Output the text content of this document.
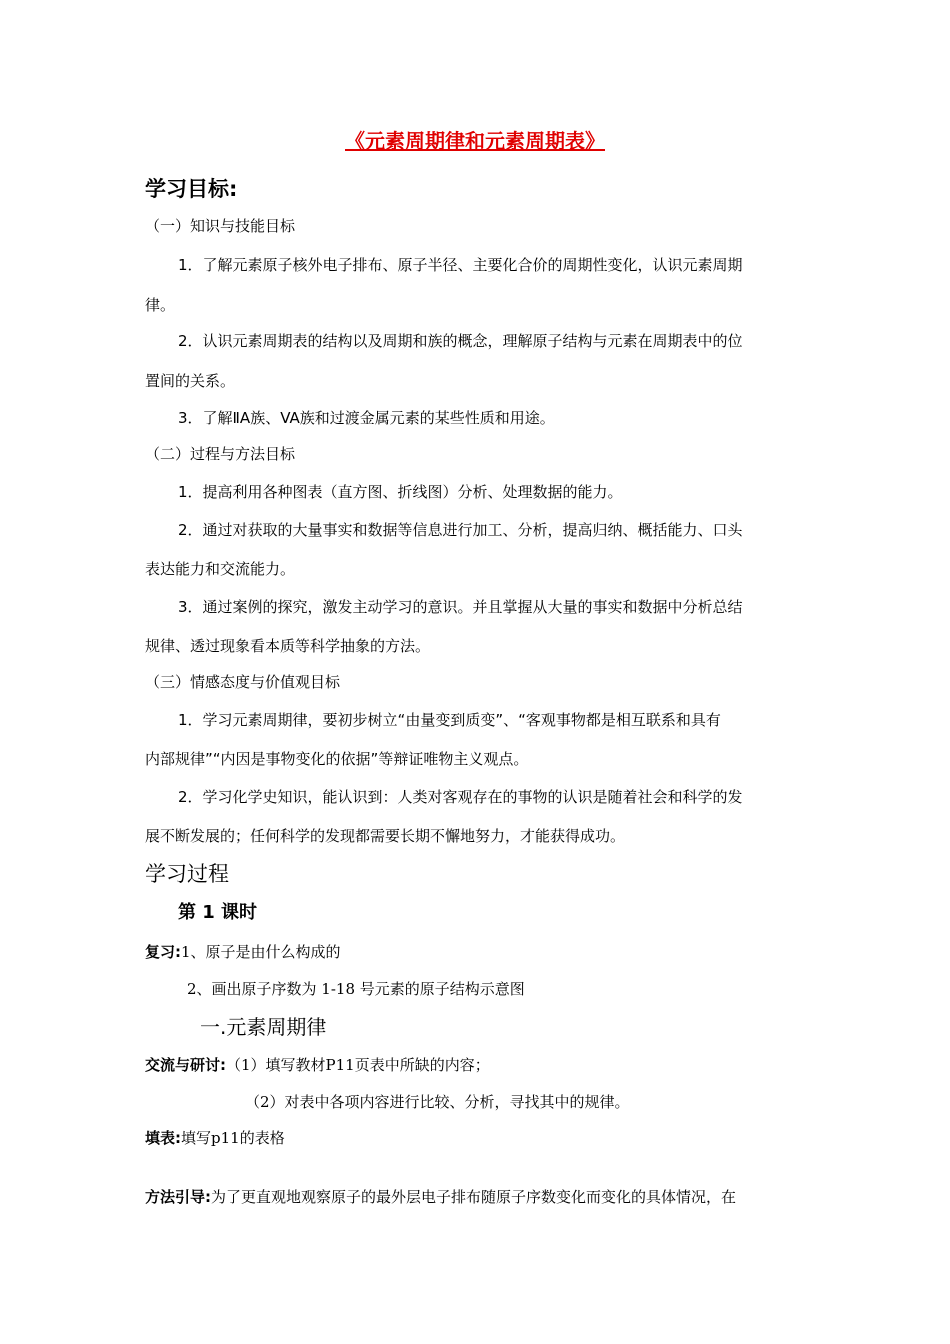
《元素周期律和元素周期表》
学习目标:
（一）知识与技能目标
1．了解元素原子核外电子排布、原子半径、主要化合价的周期性变化，认识元素周期
律。
2．认识元素周期表的结构以及周期和族的概念，理解原子结构与元素在周期表中的位
置间的关系。
3．了解ⅡA族、VA族和过渡金属元素的某些性质和用途。
（二）过程与方法目标
1．提高利用各种图表（直方图、折线图）分析、处理数据的能力。
2．通过对获取的大量事实和数据等信息进行加工、分析，提高归纳、概括能力、口头
表达能力和交流能力。
3．通过案例的探究，激发主动学习的意识。并且掌握从大量的事实和数据中分析总结
规律、透过现象看本质等科学抽象的方法。
（三）情感态度与价值观目标
1．学习元素周期律，要初步树立“由量变到质变”、“客观事物都是相互联系和具有
内部规律”“内因是事物变化的依据”等辩证唯物主义观点。
2．学习化学史知识，能认识到：人类对客观存在的事物的认识是随着社会和科学的发
展不断发展的；任何科学的发现都需要长期不懈地努力，才能获得成功。
学习过程
第 1 课时
复习:1、原子是由什么构成的
2、画出原子序数为 1-18 号元素的原子结构示意图
一.元素周期律
交流与研讨:（1）填写教材P11页表中所缺的内容；
（2）对表中各项内容进行比较、分析，寻找其中的规律。
填表:填写p11的表格
方法引导:为了更直观地观察原子的最外层电子排布随原子序数变化而变化的具体情况，在
